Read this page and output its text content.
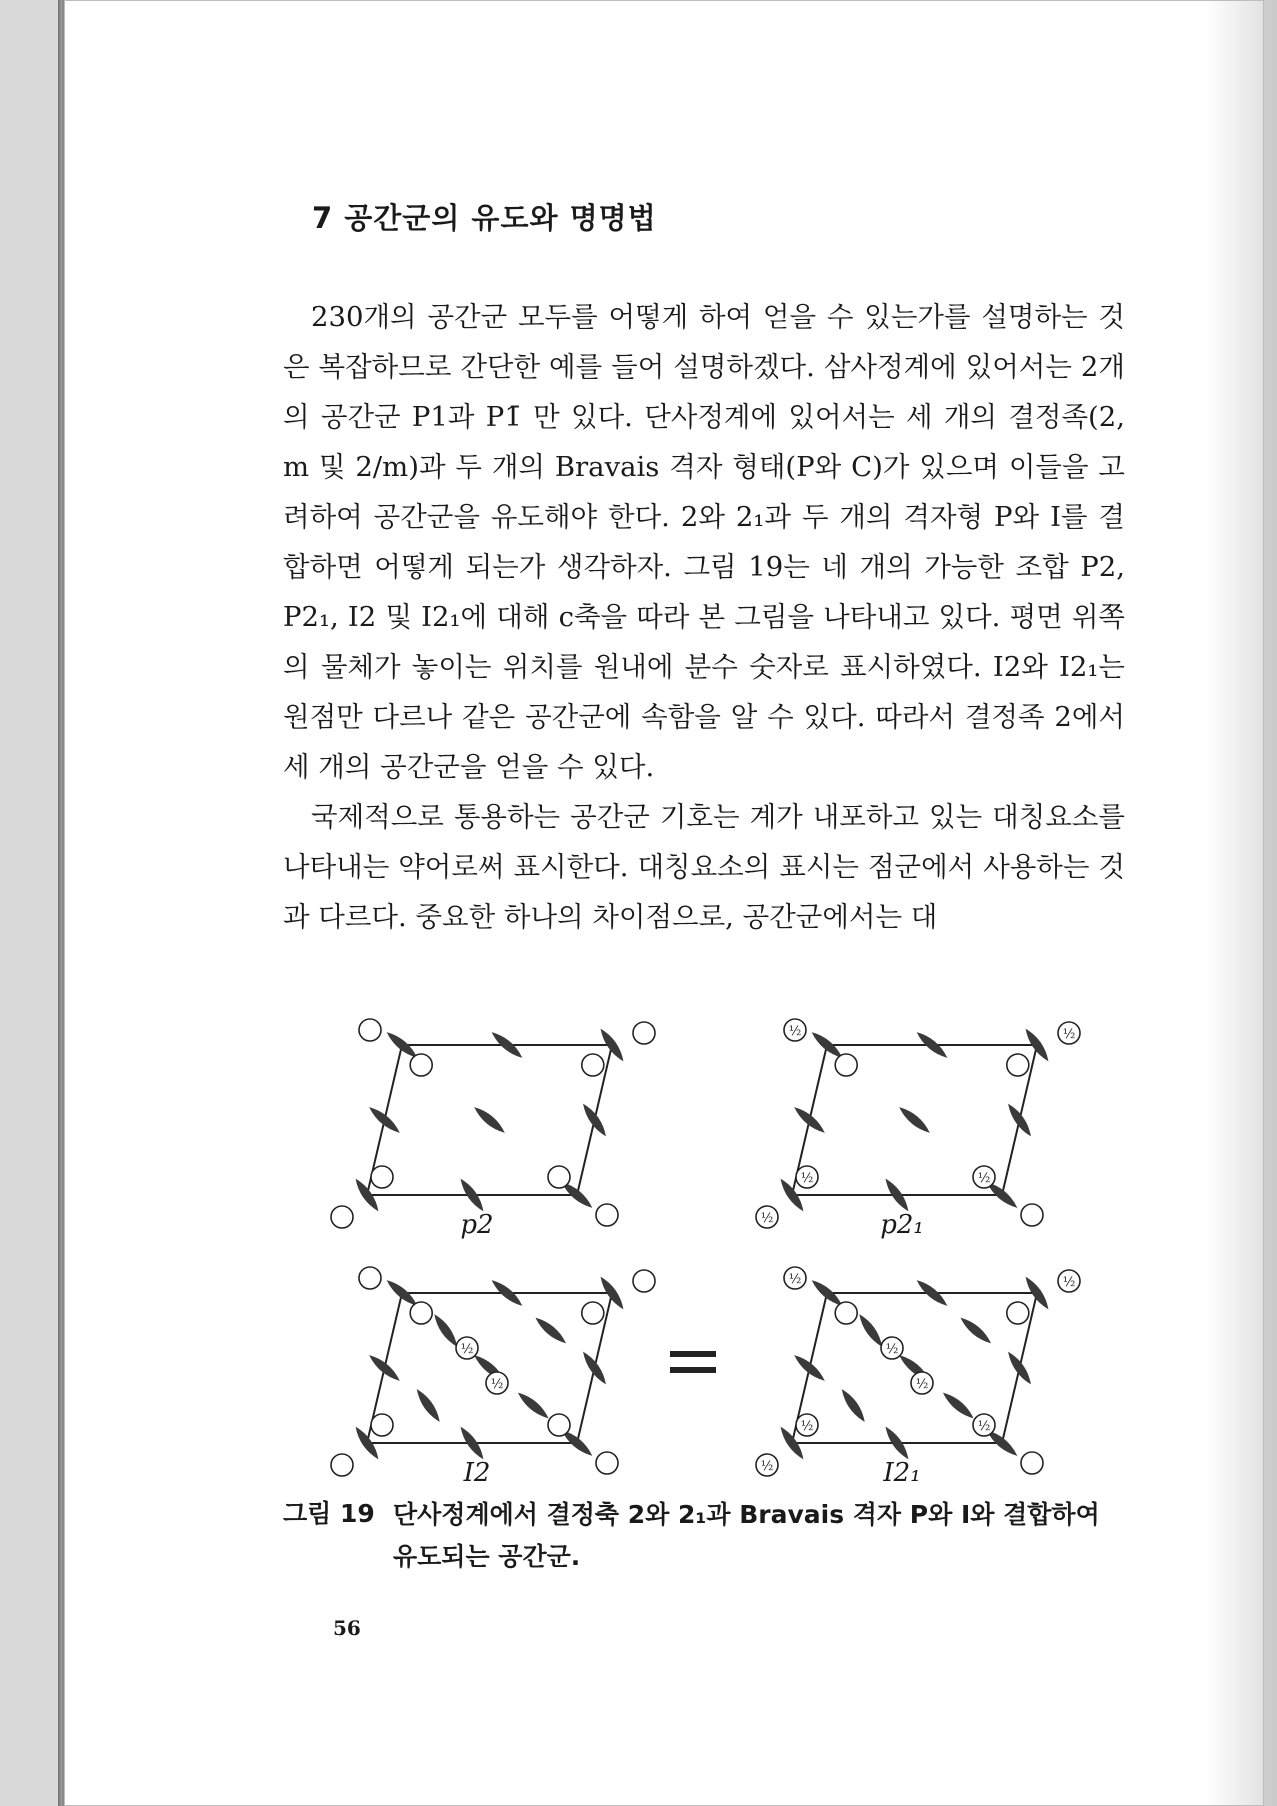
7 공간군의 유도와 명명법

230개의 공간군 모두를 어떻게 하여 얻을 수 있는가를 설명하는 것은 복잡하므로 간단한 예를 들어 설명하겠다. 삼사정계에 있어서는 2개의 공간군 P1과 P1̄ 만 있다. 단사정계에 있어서는 세 개의 결정족(2, m 및 2/m)과 두 개의 Bravais 격자 형태(P와 C)가 있으며 이들을 고려하여 공간군을 유도해야 한다. 2와 2₁과 두 개의 격자형 P와 I를 결합하면 어떻게 되는가 생각하자. 그림 19는 네 개의 가능한 조합 P2, P2₁, I2 및 I2₁에 대해 c축을 따라 본 그림을 나타내고 있다. 평면 위쪽의 물체가 놓이는 위치를 원내에 분수 숫자로 표시하였다. I2와 I2₁는 원점만 다르나 같은 공간군에 속함을 알 수 있다. 따라서 결정족 2에서 세 개의 공간군을 얻을 수 있다.

국제적으로 통용하는 공간군 기호는 계가 내포하고 있는 대칭요소를 나타내는 약어로써 표시한다. 대칭요소의 표시는 점군에서 사용하는 것과 다르다. 중요한 하나의 차이점으로, 공간군에서는 대

p2
½	½
½
½
½
p2₁
½
½
I2
½	½
½
½
½
½
½
I2₁
그림 19 단사정계에서 결정축 2와 2₁과 Bravais 격자 P와 I와 결합하여 유도되는 공간군.
56
